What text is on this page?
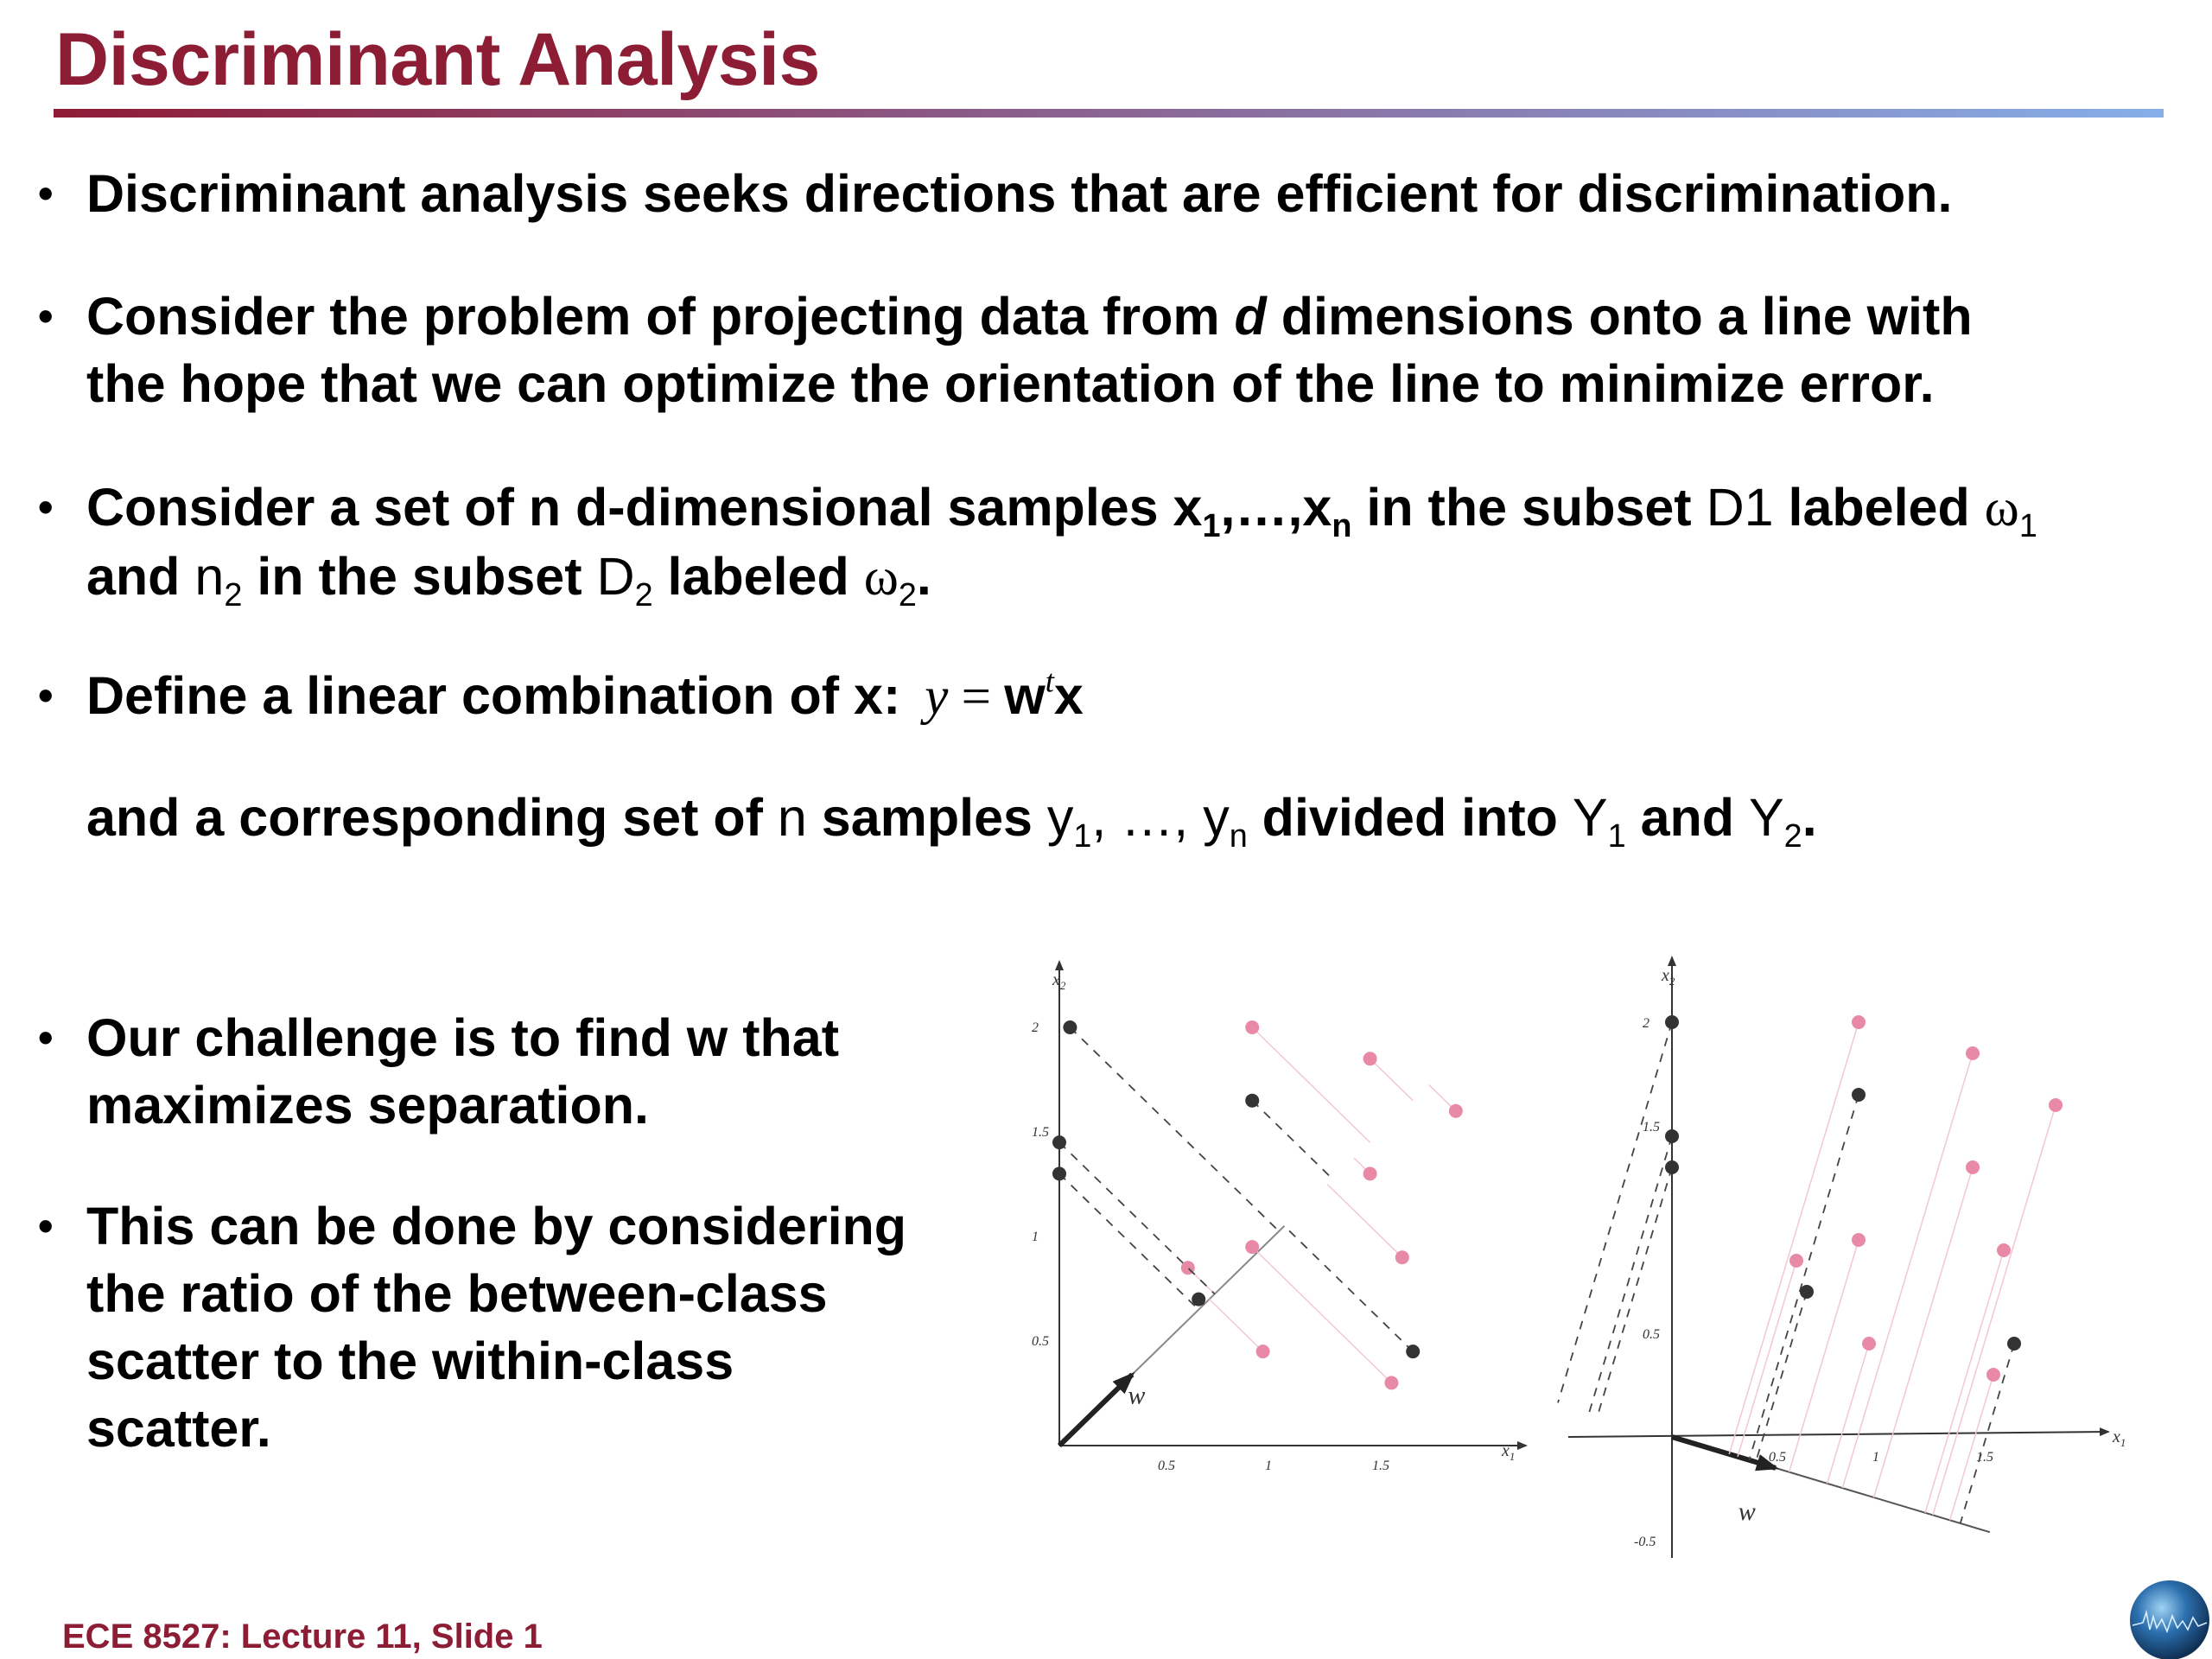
Discriminant Analysis
• Discriminant analysis seeks directions that are efficient for discrimination.
• Consider the problem of projecting data from d dimensions onto a line with
the hope that we can optimize the orientation of the line to minimize error.
• Consider a set of n d-dimensional samples $x_1,\dots,x_n$ in the subset D1 labeled $\omega_1$
and $n_2$ in the subset $D_2$ labeled $\omega_2$.
• Define a linear combination of x: $y = w^tx$
and a corresponding set of n samples $y_1$, …, $y_n$ divided into $Y_1$ and $Y_2$.
• Our challenge is to find w that
maximizes separation.
• This can be done by considering
the ratio of the between-class
scatter to the within-class
scatter.	$x_1$
$x_2$
0.5	1	1.5
0.5
1
1.5
2
w
$x_1$
$x_2$
0.5	1	1.5
-0.5
0.5
1.5
2
w
ECE 8527: Lecture 11, Slide 1
